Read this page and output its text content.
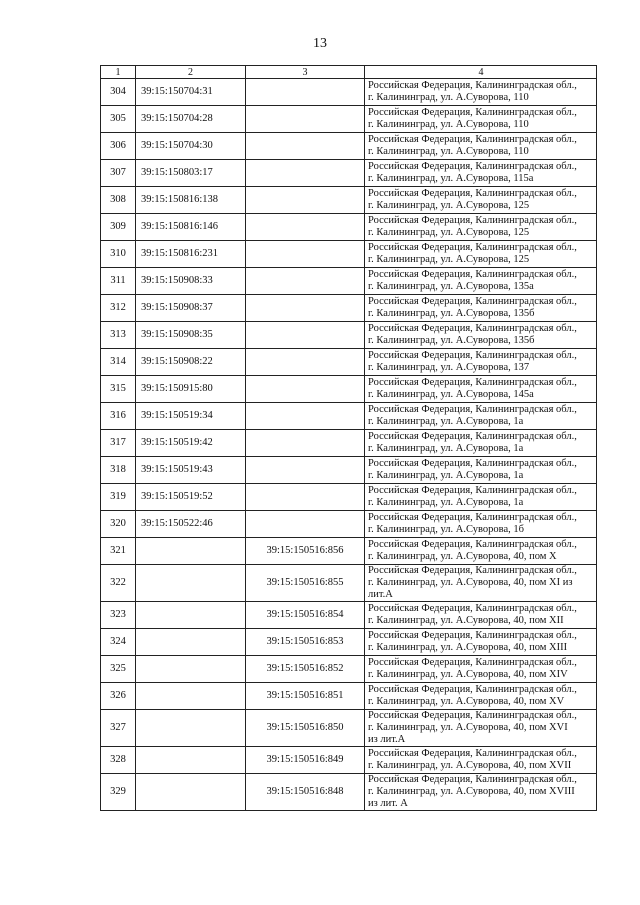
13
1	2	3	4
304	39:15:150704:31		Российская Федерация, Калининградская обл.,
г. Калининград, ул. А.Суворова, 110

305	39:15:150704:28		Российская Федерация, Калининградская обл.,
г. Калининград, ул. А.Суворова, 110

306	39:15:150704:30		Российская Федерация, Калининградская обл.,
г. Калининград, ул. А.Суворова, 110

307	39:15:150803:17		Российская Федерация, Калининградская обл.,
г. Калининград, ул. А.Суворова, 115а

308	39:15:150816:138		Российская Федерация, Калининградская обл.,
г. Калининград, ул. А.Суворова, 125

309	39:15:150816:146		Российская Федерация, Калининградская обл.,
г. Калининград, ул. А.Суворова, 125

310	39:15:150816:231		Российская Федерация, Калининградская обл.,
г. Калининград, ул. А.Суворова, 125

311	39:15:150908:33		Российская Федерация, Калининградская обл.,
г. Калининград, ул. А.Суворова, 135а

312	39:15:150908:37		Российская Федерация, Калининградская обл.,
г. Калининград, ул. А.Суворова, 135б

313	39:15:150908:35		Российская Федерация, Калининградская обл.,
г. Калининград, ул. А.Суворова, 135б

314	39:15:150908:22		Российская Федерация, Калининградская обл.,
г. Калининград, ул. А.Суворова, 137

315	39:15:150915:80		Российская Федерация, Калининградская обл.,
г. Калининград, ул. А.Суворова, 145а

316	39:15:150519:34		Российская Федерация, Калининградская обл.,
г. Калининград, ул. А.Суворова, 1а

317	39:15:150519:42		Российская Федерация, Калининградская обл.,
г. Калининград, ул. А.Суворова, 1а

318	39:15:150519:43		Российская Федерация, Калининградская обл.,
г. Калининград, ул. А.Суворова, 1а

319	39:15:150519:52		Российская Федерация, Калининградская обл.,
г. Калининград, ул. А.Суворова, 1а

320	39:15:150522:46		Российская Федерация, Калининградская обл.,
г. Калининград, ул. А.Суворова, 1б

321		39:15:150516:856	Российская Федерация, Калининградская обл.,
г. Калининград, ул. А.Суворова, 40, пом X

322		39:15:150516:855	Российская Федерация, Калининградская обл.,
г. Калининград, ул. А.Суворова, 40, пом XI из
лит.А

323		39:15:150516:854	Российская Федерация, Калининградская обл.,
г. Калининград, ул. А.Суворова, 40, пом XII

324		39:15:150516:853	Российская Федерация, Калининградская обл.,
г. Калининград, ул. А.Суворова, 40, пом XIII

325		39:15:150516:852	Российская Федерация, Калининградская обл.,
г. Калининград, ул. А.Суворова, 40, пом XIV

326		39:15:150516:851	Российская Федерация, Калининградская обл.,
г. Калининград, ул. А.Суворова, 40, пом XV

327		39:15:150516:850	Российская Федерация, Калининградская обл.,
г. Калининград, ул. А.Суворова, 40, пом XVI
из лит.А

328		39:15:150516:849	Российская Федерация, Калининградская обл.,
г. Калининград, ул. А.Суворова, 40, пом XVII

329		39:15:150516:848	Российская Федерация, Калининградская обл.,
г. Калининград, ул. А.Суворова, 40, пом XVIII
из лит. А
